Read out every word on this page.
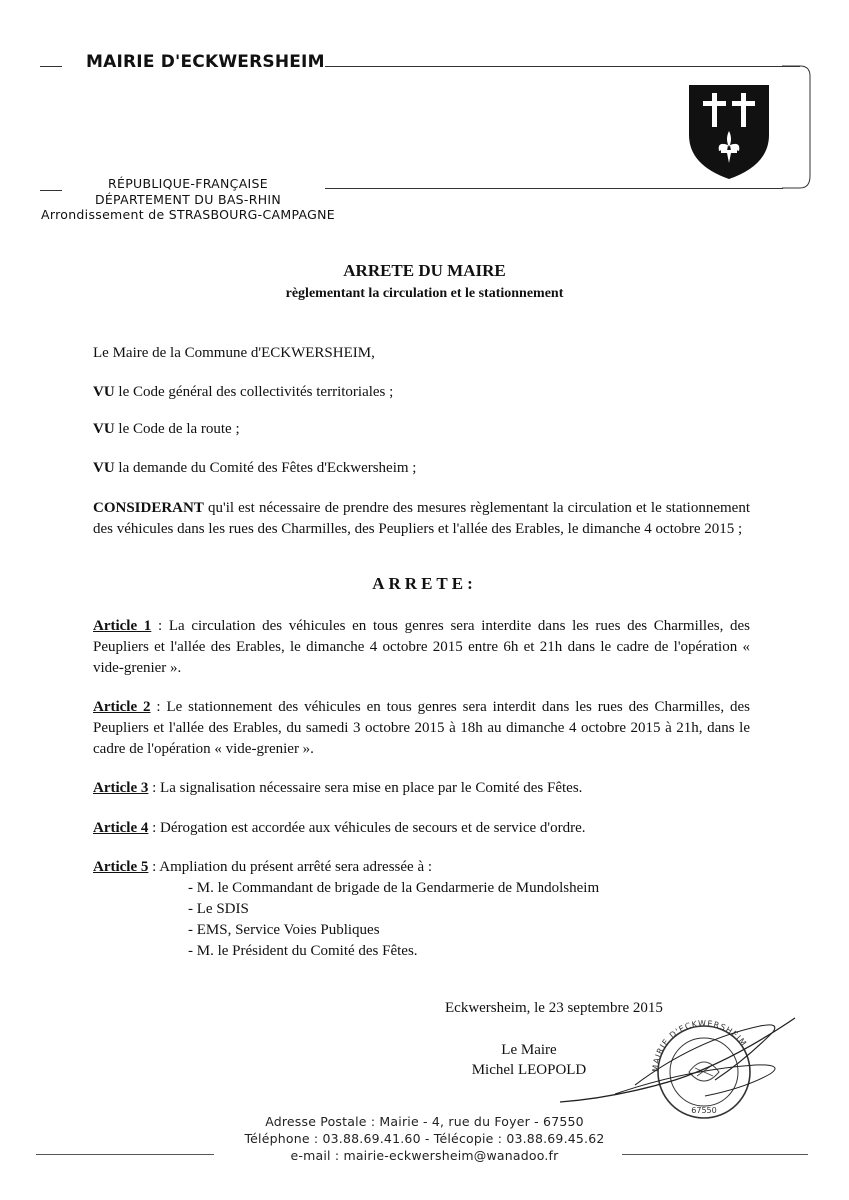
MAIRIE D'ECKWERSHEIM
RÉPUBLIQUE-FRANÇAISE
DÉPARTEMENT DU BAS-RHIN
Arrondissement de STRASBOURG-CAMPAGNE
ARRETE DU MAIRE
règlementant la circulation et le stationnement
Le Maire de la Commune d'ECKWERSHEIM,
VU le Code général des collectivités territoriales ;
VU le Code de la route ;
VU la demande du Comité des Fêtes d'Eckwersheim ;
CONSIDERANT qu'il est nécessaire de prendre des mesures règlementant la circulation et le stationnement des véhicules dans les rues des Charmilles, des Peupliers et l'allée des Erables, le dimanche 4 octobre 2015 ;
ARRETE:
Article 1 : La circulation des véhicules en tous genres sera interdite dans les rues des Charmilles, des Peupliers et l'allée des Erables, le dimanche 4 octobre 2015 entre 6h et 21h dans le cadre de l'opération « vide-grenier ».
Article 2 : Le stationnement des véhicules en tous genres sera interdit dans les rues des Charmilles, des Peupliers et l'allée des Erables, du samedi 3 octobre 2015 à 18h au dimanche 4 octobre 2015 à 21h, dans le cadre de l'opération « vide-grenier ».
Article 3 : La signalisation nécessaire sera mise en place par le Comité des Fêtes.
Article 4 : Dérogation est accordée aux véhicules de secours et de service d'ordre.
Article 5 : Ampliation du présent arrêté sera adressée à :
- M. le Commandant de brigade de la Gendarmerie de Mundolsheim
- Le SDIS
- EMS, Service Voies Publiques
- M. le Président du Comité des Fêtes.
Eckwersheim, le 23 septembre 2015
Le Maire
Michel LEOPOLD	MAIRIE D'ECKWERSHEIM
67550
Adresse Postale : Mairie - 4, rue du Foyer - 67550
Téléphone : 03.88.69.41.60 - Télécopie : 03.88.69.45.62
e-mail : mairie-eckwersheim@wanadoo.fr
